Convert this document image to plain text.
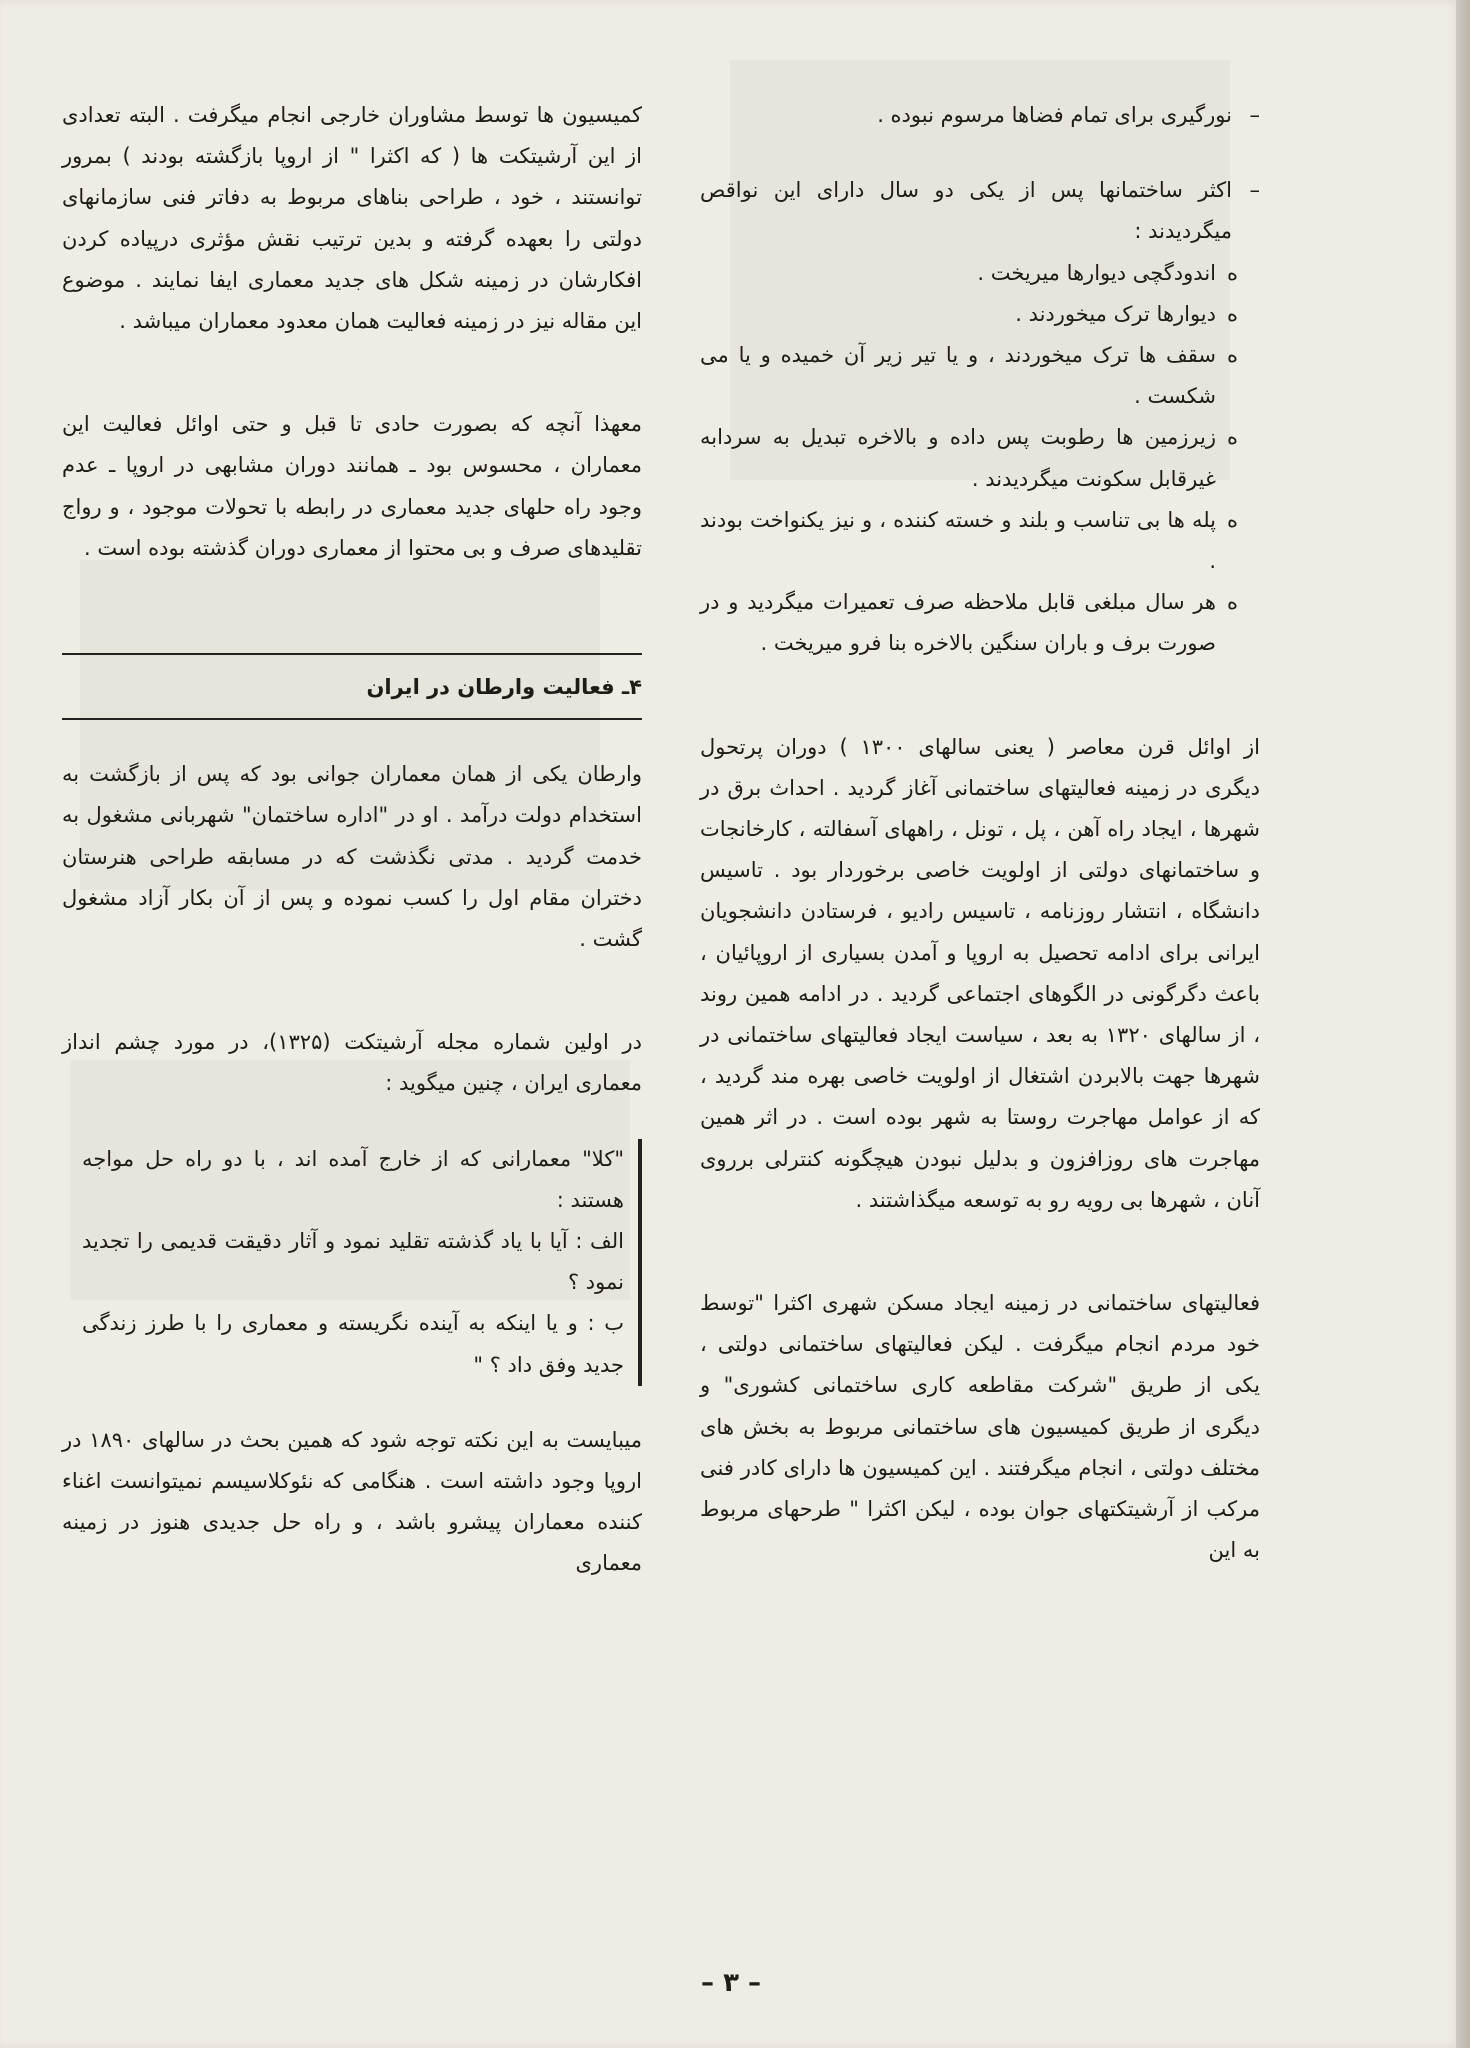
– نورگیری برای تمام فضاها مرسوم نبوده .
– اکثر ساختمانها پس از یکی دو سال دارای این نواقص میگردیدند :
ه
اندودگچی دیوارها میریخت .
ه
دیوارها ترک میخوردند .
ه
سقف ها ترک میخوردند ، و یا تیر زیر آن خمیده و یا می شکست .
ه
زیرزمین ها رطوبت پس داده و بالاخره تبدیل به سردابه غیرقابل سکونت میگردیدند .
ه
پله ها بی تناسب و بلند و خسته کننده ، و نیز یکنواخت بودند .
ه
هر سال مبلغی قابل ملاحظه صرف تعمیرات میگردید و در صورت برف و باران سنگین بالاخره بنا فرو میریخت .

از اوائل قرن معاصر ( یعنی سالهای ۱۳۰۰ ) دوران پرتحول دیگری در زمینه فعالیتهای ساختمانی آغاز گردید . احداث برق در شهرها ، ایجاد راه آهن ، پل ، تونل ، راههای آسفالته ، کارخانجات و ساختمانهای دولتی از اولویت خاصی برخوردار بود . تاسیس دانشگاه ، انتشار روزنامه ، تاسیس رادیو ، فرستادن دانشجویان ایرانی برای ادامه تحصیل به اروپا و آمدن بسیاری از اروپائیان ، باعث دگرگونی در الگوهای اجتماعی گردید . در ادامه همین روند ، از سالهای ۱۳۲۰ به بعد ، سیاست ایجاد فعالیتهای ساختمانی در شهرها جهت بالابردن اشتغال از اولویت خاصی بهره مند گردید ، که از عوامل مهاجرت روستا به شهر بوده است . در اثر همین مهاجرت های روزافزون و بدلیل نبودن هیچگونه کنترلی برروی آنان ، شهرها بی رویه رو به توسعه میگذاشتند .

فعالیتهای ساختمانی در زمینه ایجاد مسکن شهری اکثرا "توسط خود مردم انجام میگرفت . لیکن فعالیتهای ساختمانی دولتی ، یکی از طریق "شرکت مقاطعه کاری ساختمانی کشوری" و دیگری از طریق کمیسیون های ساختمانی مربوط به بخش های مختلف دولتی ، انجام میگرفتند . این کمیسیون ها دارای کادر فنی مرکب از آرشیتکتهای جوان بوده ، لیکن اکثرا " طرحهای مربوط به این

کمیسیون ها توسط مشاوران خارجی انجام میگرفت . البته تعدادی از این آرشیتکت ها ( که اکثرا " از اروپا بازگشته بودند ) بمرور توانستند ، خود ، طراحی بناهای مربوط به دفاتر فنی سازمانهای دولتی را بعهده گرفته و بدین ترتیب نقش مؤثری درپیاده کردن افکارشان در زمینه شکل های جدید معماری ایفا نمایند . موضوع این مقاله نیز در زمینه فعالیت همان معدود معماران میباشد .

معهذا آنچه که بصورت حادی تا قبل و حتی اوائل فعالیت این معماران ، محسوس بود ـ همانند دوران مشابهی در اروپا ـ عدم وجود راه حلهای جدید معماری در رابطه با تحولات موجود ، و رواج تقلیدهای صرف و بی محتوا از معماری دوران گذشته بوده است .

۴ـ فعالیت وارطان در ایران

وارطان یکی از همان معماران جوانی بود که پس از بازگشت به استخدام دولت درآمد . او در "اداره ساختمان" شهربانی مشغول به خدمت گردید . مدتی نگذشت که در مسابقه طراحی هنرستان دختران مقام اول را کسب نموده و پس از آن بکار آزاد مشغول گشت .

در اولین شماره مجله آرشیتکت (۱۳۲۵)، در مورد چشم انداز معماری ایران ، چنین میگوید :

"کلا" معمارانی که از خارج آمده اند ، با دو راه حل مواجه هستند :

الف : آیا با یاد گذشته تقلید نمود و آثار دقیقت قدیمی را تجدید نمود ؟

ب : و یا اینکه به آینده نگریسته و معماری را با طرز زندگی جدید وفق داد ؟ "

میبایست به این نکته توجه شود که همین بحث در سالهای ۱۸۹۰ در اروپا وجود داشته است . هنگامی که نئوکلاسیسم نمیتوانست اغناء کننده معماران پیشرو باشد ، و راه حل جدیدی هنوز در زمینه معماری

– ۳ –
